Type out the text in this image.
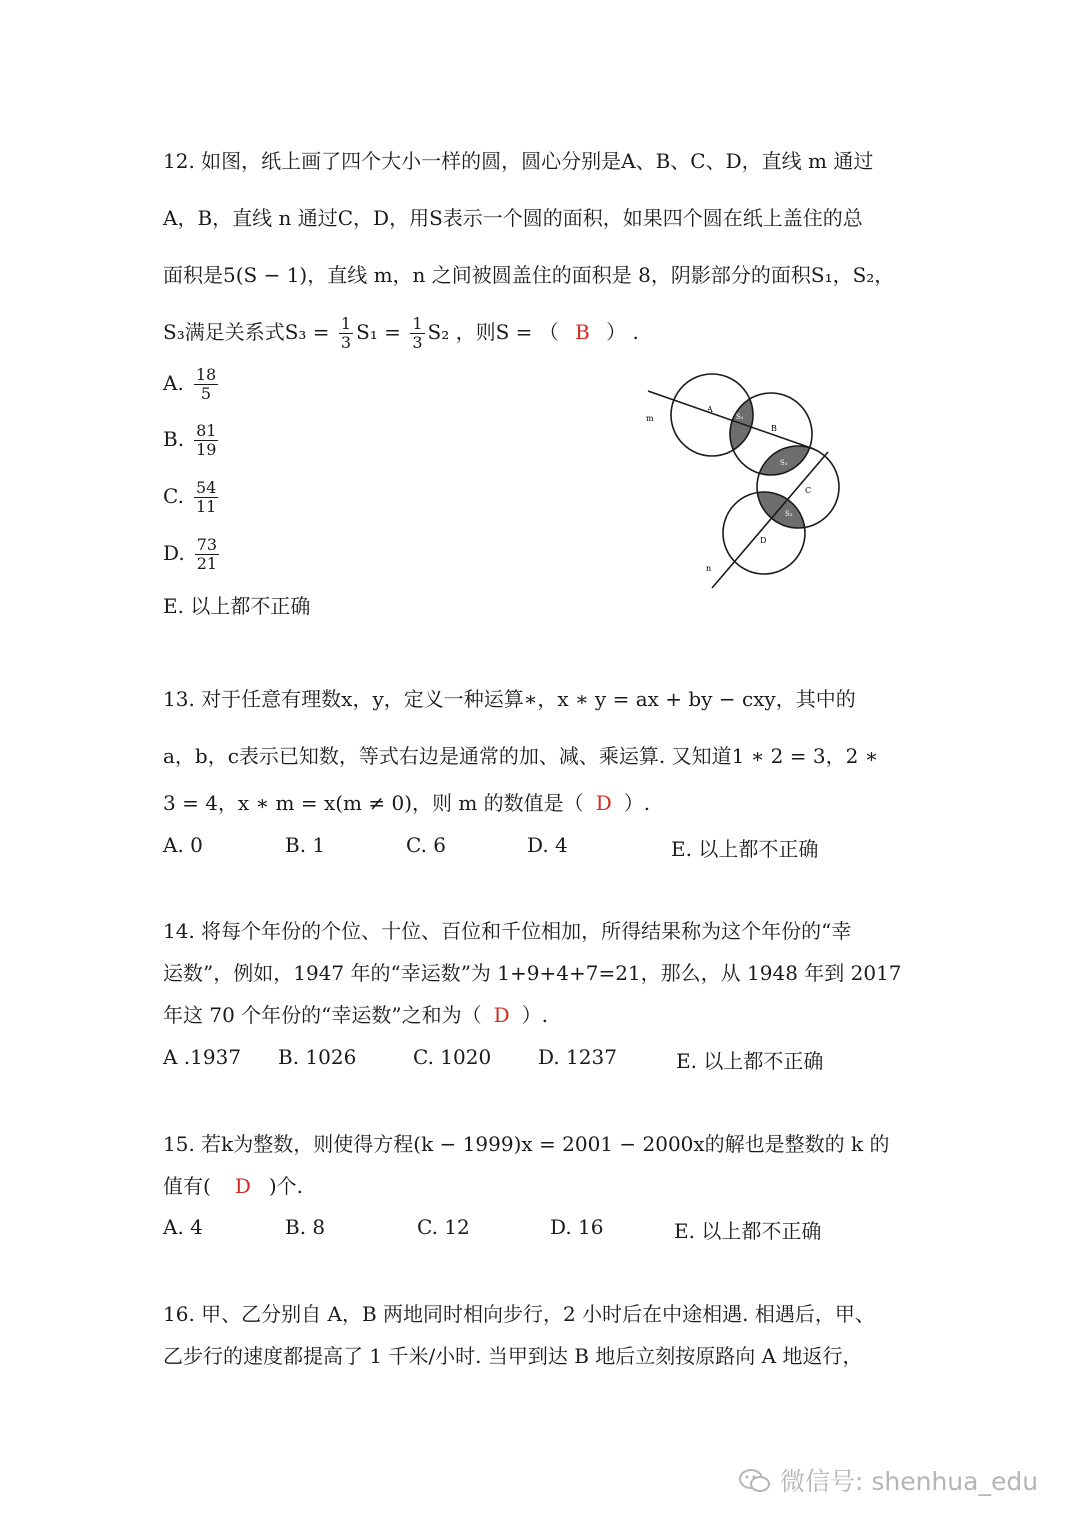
12. 如图，纸上画了四个大小一样的圆，圆心分别是A、B、C、D，直线 m 通过
A，B，直线 n 通过C，D，用S表示一个圆的面积，如果四个圆在纸上盖住的总
面积是5(S − 1)，直线 m，n 之间被圆盖住的面积是 8，阴影部分的面积S₁，S₂，
S₃满足关系式$S_3 = \frac{1}{3} S_1 = \frac{1}{3} S_2$ ，则S = （ B ） .
A. $\frac{18}{5}$
B. $\frac{81}{19}$
C. $\frac{54}{11}$
D. $\frac{73}{21}$
E. 以上都不正确
m
n
A
B
C
D
S₁
S₃
S₂
13. 对于任意有理数x，y，定义一种运算∗，x ∗ y = ax + by − cxy，其中的
a，b，c表示已知数，等式右边是通常的加、减、乘运算. 又知道1 ∗ 2 = 3，2 ∗
3 = 4，x ∗ m = x(m ≠ 0)，则 m 的数值是（ D ）.
A. 0	B. 1	C. 6	D. 4	E. 以上都不正确
14. 将每个年份的个位、十位、百位和千位相加，所得结果称为这个年份的“幸
运数”，例如，1947 年的“幸运数”为 1+9+4+7=21，那么，从 1948 年到 2017
年这 70 个年份的“幸运数”之和为（ D ）.
A .1937 B. 1026	C. 1020 D. 1237	E. 以上都不正确
15. 若k为整数，则使得方程(k − 1999)x = 2001 − 2000x的解也是整数的 k 的
值有( D )个.
A. 4	B. 8	C. 12	D. 16	E. 以上都不正确
16. 甲、乙分别自 A，B 两地同时相向步行，2 小时后在中途相遇. 相遇后，甲、
乙步行的速度都提高了 1 千米/小时. 当甲到达 B 地后立刻按原路向 A 地返行，
微信号: shenhua_edu
